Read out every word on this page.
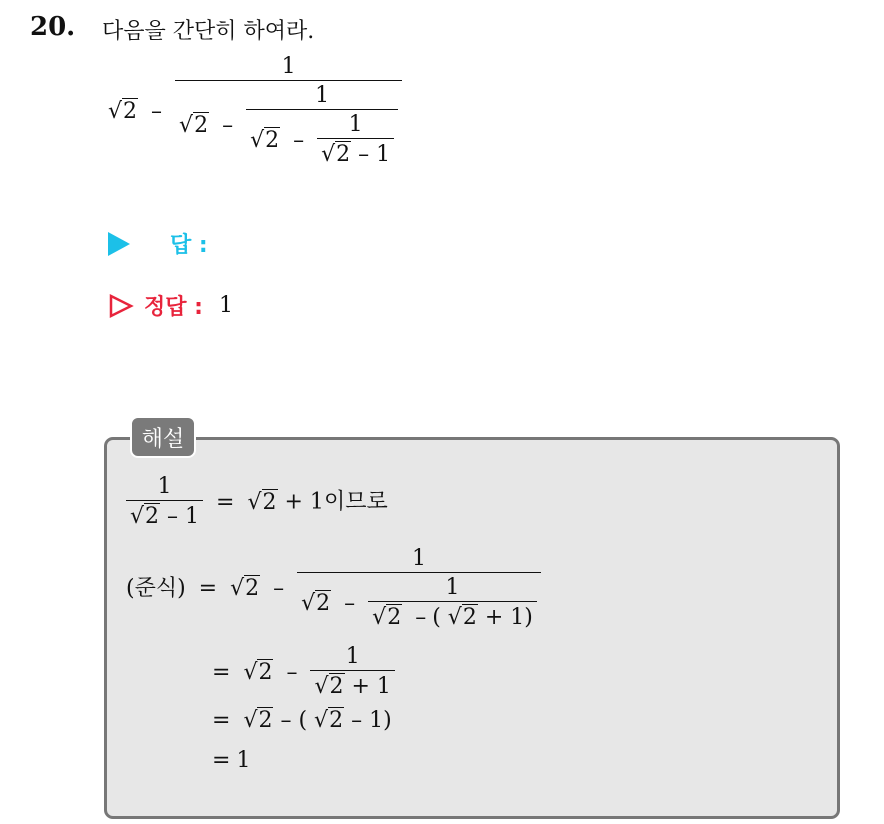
20. 다음을 간단히 하여라.
√2 –
1
$√2 - \frac{1}{√2 - \frac{1}{√2 - 1}}$
답 :
정답 : 1
해설
$\frac{1}{√2 - 1} = √2 + 1$이므로
(준식) = √2 –
1
$√2 - \frac{1}{√2 - ( √2 + 1)}$
= $√2 - \frac{1}{√2 + 1}$
= √2 – ( √2 – 1)
= 1
